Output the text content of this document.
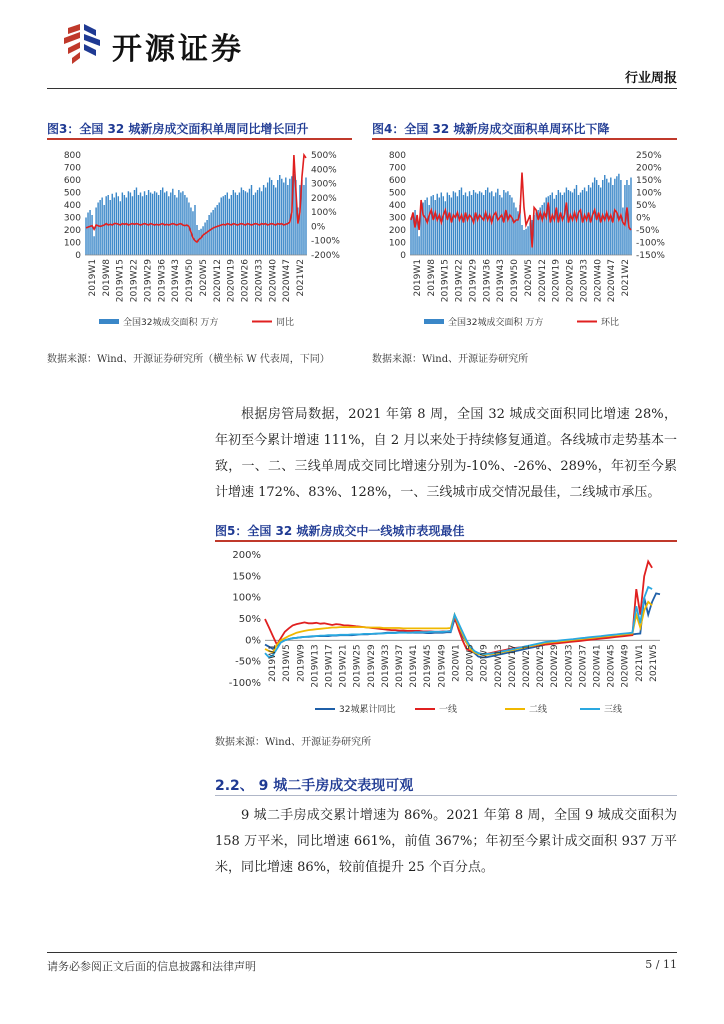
开源证券
行业周报
图3：全国 32 城新房成交面积单周同比增长回升
0
100
200
300
400
500
600
700
800
-200%
-100%
0%
100%
200%
300%
400%
500%
2019W1 2019W8 2019W15 2019W22 2019W29 2019W36 2019W43 2019W50 2020W5 2020W12 2020W19 2020W26 2020W33 2020W40 2020W47 2021W2
全国32城成交面积 万方	同比
数据来源：Wind、开源证券研究所（横坐标 W 代表周，下同）
图4：全国 32 城新房成交面积单周环比下降
0
100
200
300
400
500
600
700
800
-150%
-100%
-50%
0%
50%
100%
150%
200%
250%
2019W1 2019W8 2019W15 2019W22 2019W29 2019W36 2019W43 2019W50 2020W5 2020W12 2020W19 2020W26 2020W33 2020W40 2020W47 2021W2
全国32城成交面积 万方	环比
数据来源：Wind、开源证券研究所
根据房管局数据，2021 年第 8 周，全国 32 城成交面积同比增速 28%，年初至今累计增速 111%，自 2 月以来处于持续修复通道。各线城市走势基本一致，一、二、三线单周成交同比增速分别为-10%、-26%、289%，年初至今累计增速 172%、83%、128%，一、三线城市成交情况最佳，二线城市承压。
图5：全国 32 城新房成交中一线城市表现最佳
-100%
-50%
0%
50%
100%
150%
200%
2019W1 2019W5 2019W9 2019W13 2019W17 2019W21 2019W25 2019W29 2019W33 2019W37 2019W41 2019W45 2019W49 2020W1 2020W5 2020W9 2020W13 2020W17 2020W21 2020W25 2020W29 2020W33 2020W37 2020W41 2020W45 2020W49 2021W1 2021W5
32城累计同比	一线	二线	三线
数据来源：Wind、开源证券研究所
2.2、 9 城二手房成交表现可观
9 城二手房成交累计增速为 86%。2021 年第 8 周，全国 9 城成交面积为 158 万平米，同比增速 661%，前值 367%；年初至今累计成交面积 937 万平米，同比增速 86%，较前值提升 25 个百分点。
请务必参阅正文后面的信息披露和法律声明	5 / 11
